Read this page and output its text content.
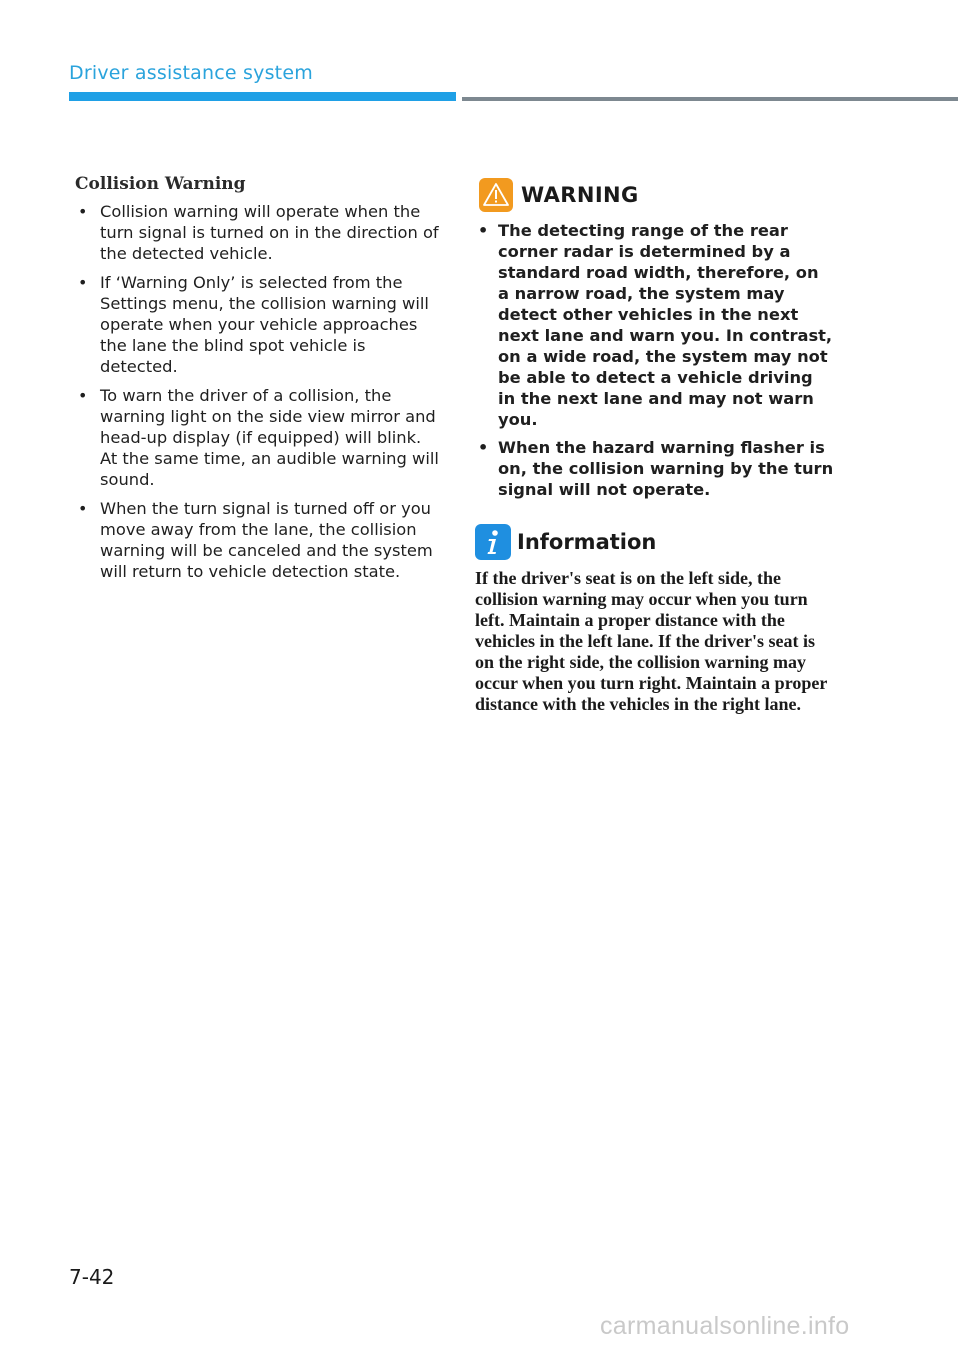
Driver assistance system
Collision Warning
• Collision warning will operate when the turn signal is turned on in the direction of the detected vehicle.
• If ‘Warning Only’ is selected from the Settings menu, the collision warning will operate when your vehicle approaches the lane the blind spot vehicle is detected.
• To warn the driver of a collision, the warning light on the side view mirror and head-up display (if equipped) will blink. At the same time, an audible warning will sound.
• When the turn signal is turned off or you move away from the lane, the collision warning will be canceled and the system will return to vehicle detection state.
WARNING
• The detecting range of the rear corner radar is determined by a standard road width, therefore, on a narrow road, the system may detect other vehicles in the next next lane and warn you. In contrast, on a wide road, the system may not be able to detect a vehicle driving in the next lane and may not warn you.
• When the hazard warning flasher is on, the collision warning by the turn signal will not operate.
Information
If the driver's seat is on the left side, the collision warning may occur when you turn left. Maintain a proper distance with the vehicles in the left lane. If the driver's seat is on the right side, the collision warning may occur when you turn right. Maintain a proper distance with the vehicles in the right lane.
7-42
carmanualsonline.info
